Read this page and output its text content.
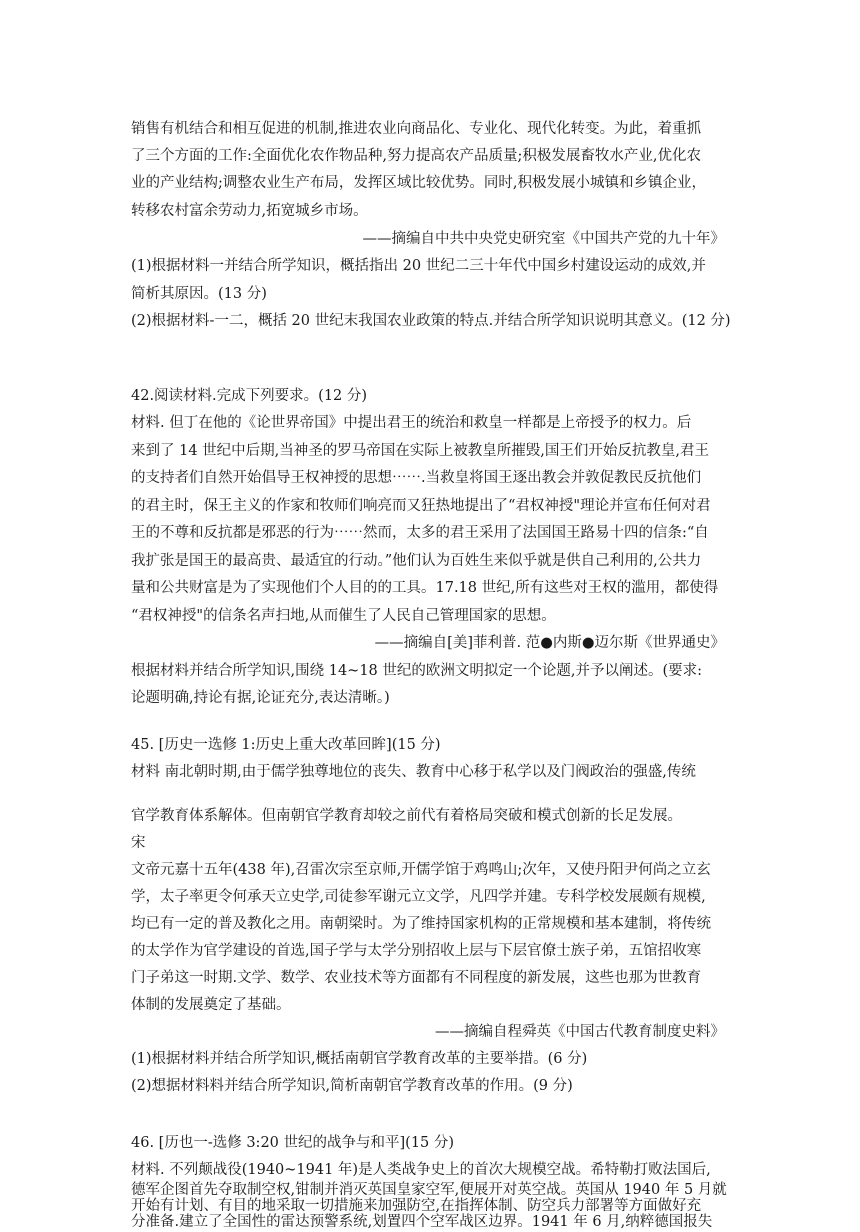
销售有机结合和相互促进的机制,推进农业向商品化、专业化、现代化转变。为此，着重抓
了三个方面的工作:全面优化农作物品种,努力提高农产品质量;积极发展畜牧水产业,优化农
业的产业结构;调整农业生产布局，发挥区域比较优势。同时,积极发展小城镇和乡镇企业，
转移农村富余劳动力,拓宽城乡市场。
——摘编自中共中央党史研究室《中国共产党的九十年》
(1)根据材料一并结合所学知识，概括指出 20 世纪二三十年代中国乡村建设运动的成效,并
简析其原因。(13 分)
(2)根据材料-一二，概括 20 世纪末我国农业政策的特点.并结合所学知识说明其意义。(12 分)
42.阅读材料.完成下列要求。(12 分)
材料. 但丁在他的《论世界帝国》中提出君王的统治和救皇一样都是上帝授予的权力。后
来到了 14 世纪中后期,当神圣的罗马帝国在实际上被教皇所摧毁,国王们开始反抗教皇,君王
的支持者们自然开始倡导王权神授的思想⋯⋯.当救皇将国王逐出教会并敦促教民反抗他们
的君主时，保王主义的作家和牧师们响亮而又狂热地提出了“君权神授"理论并宣布任何对君
王的不尊和反抗都是邪恶的行为⋯⋯然而，太多的君王采用了法国国王路易十四的信条:“自
我扩张是国王的最高贵、最适宜的行动。”他们认为百姓生来似乎就是供自己利用的,公共力
量和公共财富是为了实现他们个人目的的工具。17.18 世纪,所有这些对王权的滥用，都使得
“君权神授"的信条名声扫地,从而催生了人民自己管理国家的思想。
——摘编自[美]菲利普. 范●内斯●迈尔斯《世界通史》
根据材料并结合所学知识,围绕 14~18 世纪的欧洲文明拟定一个论题,并予以阐述。(要求:
论题明确,持论有据,论证充分,表达清晰。)
45. [历史一选修 1:历史上重大改革回眸](15 分)
材料 南北朝时期,由于儒学独尊地位的丧失、教育中心移于私学以及门阀政治的强盛,传统
官学教育体系解体。但南朝官学教育却较之前代有着格局突破和模式创新的长足发展。
宋
文帝元嘉十五年(438 年),召雷次宗至京师,开儒学馆于鸡鸣山;次年，又使丹阳尹何尚之立玄
学，太子率更令何承天立史学,司徒参军谢元立文学，凡四学并建。专科学校发展颇有规模,
均已有一定的普及教化之用。南朝梁时。为了维持国家机构的正常规模和基本建制，将传统
的太学作为官学建设的首选,国子学与太学分别招收上层与下层官僚士族子弟，五馆招收寒
门子弟这一时期.文学、数学、农业技术等方面都有不同程度的新发展，这些也那为世教育
体制的发展奠定了基础。
——摘编自程舜英《中国古代教育制度史料》
(1)根据材料并结合所学知识,概括南朝官学教育改革的主要举措。(6 分)
(2)想据材料料并结合所学知识,简析南朝官学教育改革的作用。(9 分)
46. [历也一-选修 3:20 世纪的战争与和平](15 分)
材料. 不列颠战役(1940~1941 年)是人类战争史上的首次大规模空战。希特勒打败法国后,
德军企图首先夺取制空权,钳制并消灭英国皇家空军,便展开对英空战。英国从 1940 年 5 月就
开始有计划、有目的地采取一切措施来加强防空,在指挥体制、防空兵力部署等方面做好充
分准备.建立了全国性的雷达预警系统,划置四个空军战区边界。1941 年 6 月,纳粹德国报失
